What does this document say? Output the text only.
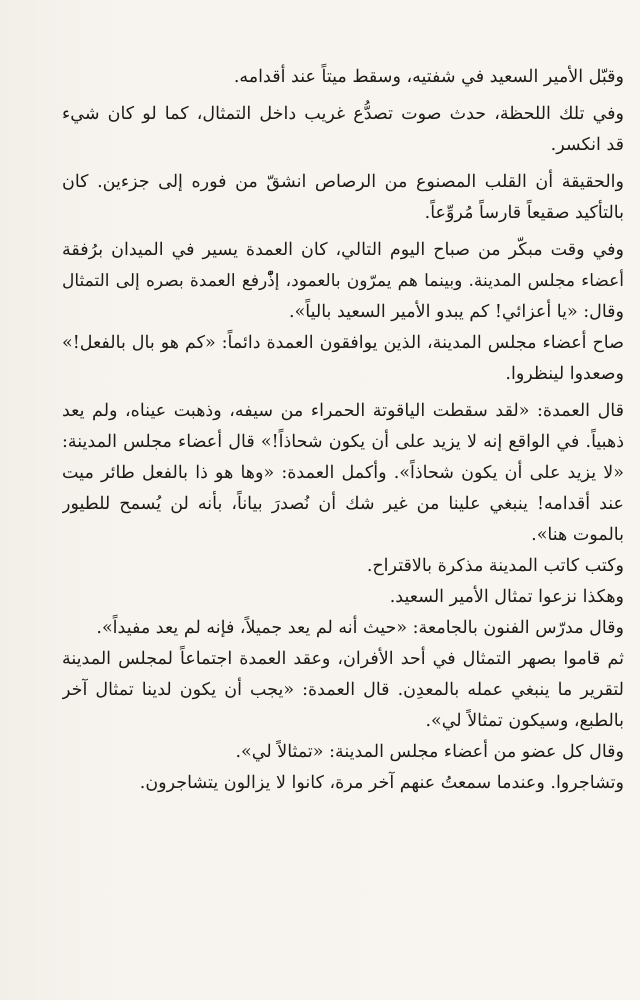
وقبّل الأمير السعيد في شفتيه، وسقط ميتاً عند أقدامه.
وفي تلك اللحظة، حدث صوت تصدُّع غريب داخل التمثال، كما لو كان شيء
قد انكسر.
والحقيقة أن القلب المصنوع من الرصاص انشقّ من فوره إلى جزءين. كان
بالتأكيد صقيعاً قارساً مُروِّعاً.
وفي وقت مبكّر من صباح اليوم التالي، كان العمدة يسير في الميدان برُفقة
أعضاء مجلس المدينة. وبينما هم يمرّون بالعمود، إذّْرفع العمدة بصره إلى التمثال
وقال: «يا أعزائي! كم يبدو الأمير السعيد بالياً».
صاح أعضاء مجلس المدينة، الذين يوافقون العمدة دائماً: «كم هو بال بالفعل!»
وصعدوا لينظروا.
قال العمدة: «لقد سقطت الياقوتة الحمراء من سيفه، وذهبت عيناه، ولم يعد
ذهبياً. في الواقع إنه لا يزيد على أن يكون شحاذاً!» قال أعضاء مجلس المدينة:
«لا يزيد على أن يكون شحاذاً». وأكمل العمدة: «وها هو ذا بالفعل طائر ميت
عند أقدامه! ينبغي علينا من غير شك أن نُصدرَ بياناً، بأنه لن يُسمح للطيور
بالموت هنا».
وكتب كاتب المدينة مذكرة بالاقتراح.
وهكذا نزعوا تمثال الأمير السعيد.
وقال مدرّس الفنون بالجامعة: «حيث أنه لم يعد جميلاً، فإنه لم يعد مفيداً».
ثم قاموا بصهر التمثال في أحد الأفران، وعقد العمدة اجتماعاً لمجلس المدينة
لتقرير ما ينبغي عمله بالمعدِن. قال العمدة: «يجب أن يكون لدينا تمثال آخر
بالطبع، وسيكون تمثالاً لي».
وقال كل عضو من أعضاء مجلس المدينة: «تمثالاً لي».
وتشاجروا. وعندما سمعتُ عنهم آخر مرة، كانوا لا يزالون يتشاجرون.
